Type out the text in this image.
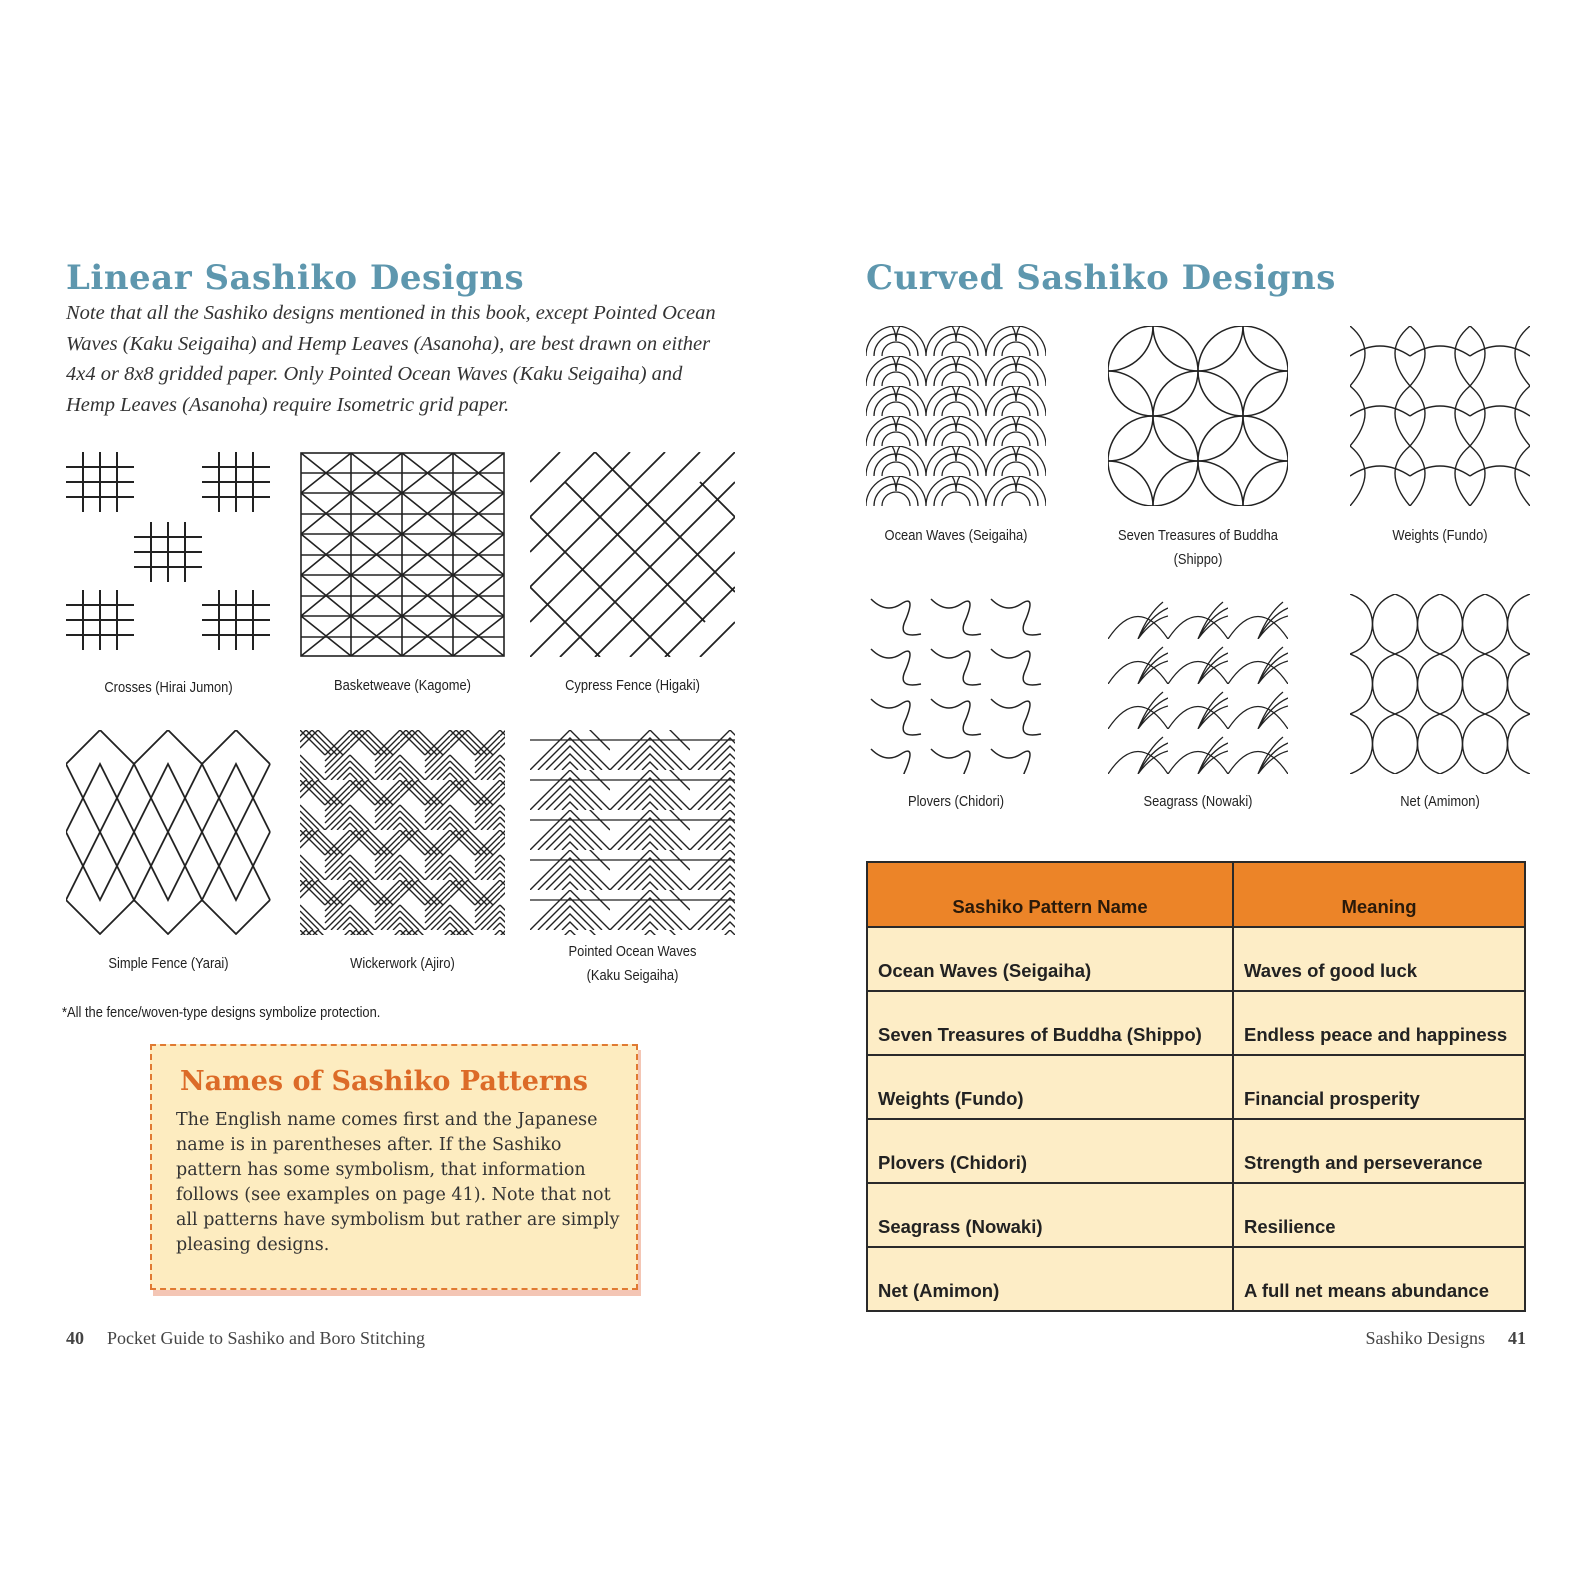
Linear Sashiko Designs
Note that all the Sashiko designs mentioned in this book, except Pointed Ocean
Waves (Kaku Seigaiha) and Hemp Leaves (Asanoha), are best drawn on either
4x4 or 8x8 gridded paper. Only Pointed Ocean Waves (Kaku Seigaiha) and
Hemp Leaves (Asanoha) require Isometric grid paper.
Crosses (Hirai Jumon)	Basketweave (Kagome)	Cypress Fence (Higaki)
Simple Fence (Yarai)	Wickerwork (Ajiro)
Pointed Ocean Waves
(Kaku Seigaiha)
*All the fence/woven-type designs symbolize protection.
Names of Sashiko Patterns
The English name comes first and the Japanese name is in parentheses after. If the Sashiko pattern has some symbolism, that information follows (see examples on page 41). Note that not all patterns have symbolism but rather are simply pleasing designs.
40 Pocket Guide to Sashiko and Boro Stitching
Curved Sashiko Designs
Ocean Waves (Seigaiha)	Seven Treasures of Buddha
(Shippo)
Weights (Fundo)
Plovers (Chidori)	Seagrass (Nowaki)	Net (Amimon)
Sashiko Pattern Name	Meaning
Ocean Waves (Seigaiha)	Waves of good luck
Seven Treasures of Buddha (Shippo)	Endless peace and happiness
Weights (Fundo)	Financial prosperity
Plovers (Chidori)	Strength and perseverance
Seagrass (Nowaki)	Resilience
Net (Amimon)	A full net means abundance
Sashiko Designs 41
